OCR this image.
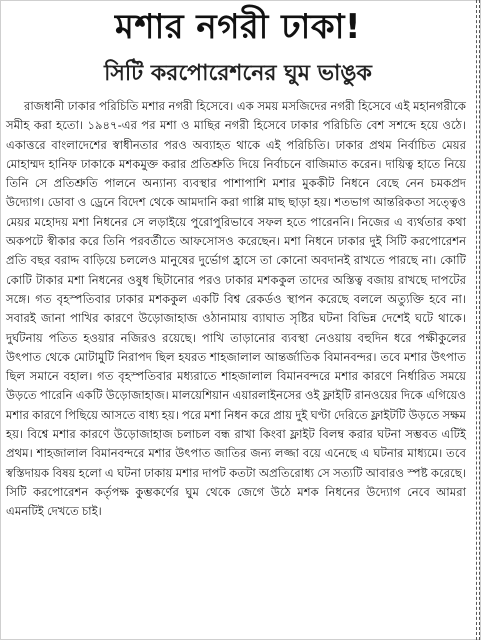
মশার নগরী ঢাকা!
সিটি করপোরেশনের ঘুম ভাঙুক

রাজধানী ঢাকার পরিচিতি মশার নগরী হিসেবে। এক সময় মসজিদের নগরী হিসেবে এই মহানগরীকে সমীহ করা হতো। ১৯৪৭-এর পর মশা ও মাছির নগরী হিসেবে ঢাকার পরিচিতি বেশ সশব্দে হয়ে ওঠে। একাত্তরে বাংলাদেশের স্বাধীনতার পরও অব্যাহত থাকে এই পরিচিতি। ঢাকার প্রথম নির্বাচিত মেয়র মোহাম্মদ হানিফ ঢাকাকে মশকমুক্ত করার প্রতিশ্রুতি দিয়ে নির্বাচনে বাজিমাত করেন। দায়িত্ব হাতে নিয়ে তিনি সে প্রতিশ্রুতি পালনে অন্যান্য ব্যবস্থার পাশাপাশি মশার মুককীট নিধনে বেছে নেন চমকপ্রদ উদ্যোগ। ডোবা ও ড্রেনে বিদেশ থেকে আমদানি করা গাপ্পি মাছ ছাড়া হয়। শতভাগ আন্তরিকতা সত্ত্বেও মেয়র মহোদয় মশা নিধনের সে লড়াইয়ে পুরোপুরিভাবে সফল হতে পারেননি। নিজের এ ব্যর্থতার কথা অকপটে স্বীকার করে তিনি পরবর্তীতে আফসোসও করেছেন। মশা নিধনে ঢাকার দুই সিটি করপোরেশন প্রতি বছর বরাদ্দ বাড়িয়ে চললেও মানুষের দুর্ভোগ হ্রাসে তা কোনো অবদানই রাখতে পারছে না। কোটি কোটি টাকার মশা নিধনের ওষুধ ছিটানোর পরও ঢাকার মশককুল তাদের অস্তিত্ব বজায় রাখছে দাপটের সঙ্গে। গত বৃহস্পতিবার ঢাকার মশককুল একটি বিশ্ব রেকর্ডও স্থাপন করেছে বললে অত্যুক্তি হবে না। সবারই জানা পাখির কারণে উড়োজাহাজ ওঠানামায় ব্যাঘাত সৃষ্টির ঘটনা বিভিন্ন দেশেই ঘটে থাকে। দুর্ঘটনায় পতিত হওয়ার নজিরও রয়েছে। পাখি তাড়ানোর ব্যবস্থা নেওয়ায় বহুদিন ধরে পক্ষীকুলের উৎপাত থেকে মোটামুটি নিরাপদ ছিল হযরত শাহজালাল আন্তর্জাতিক বিমানবন্দর। তবে মশার উৎপাত ছিল সমানে বহাল। গত বৃহস্পতিবার মধ্যরাতে শাহজালাল বিমানবন্দরে মশার কারণে নির্ধারিত সময়ে উড়তে পারেনি একটি উড়োজাহাজ। মালয়েশিয়ান এয়ারলাইনসের ওই ফ্লাইটি রানওয়ের দিকে এগিয়েও মশার কারণে পিছিয়ে আসতে বাধ্য হয়। পরে মশা নিধন করে প্রায় দুই ঘণ্টা দেরিতে ফ্লাইটটি উড়তে সক্ষম হয়। বিশ্বে মশার কারণে উড়োজাহাজ চলাচল বন্ধ রাখা কিংবা ফ্লাইট বিলম্ব করার ঘটনা সম্ভবত এটিই প্রথম। শাহজালাল বিমানবন্দরে মশার উৎপাত জাতির জন্য লজ্জা বয়ে এনেছে এ ঘটনার মাধ্যমে। তবে স্বস্তিদায়ক বিষয় হলো এ ঘটনা ঢাকায় মশার দাপট কতটা অপ্রতিরোধ্য সে সত্যটি আবারও স্পষ্ট করেছে। সিটি করপোরেশন কর্তৃপক্ষ কুম্ভকর্ণের ঘুম থেকে জেগে উঠে মশক নিধনের উদ্যোগ নেবে আমরা এমনটিই দেখতে চাই।
